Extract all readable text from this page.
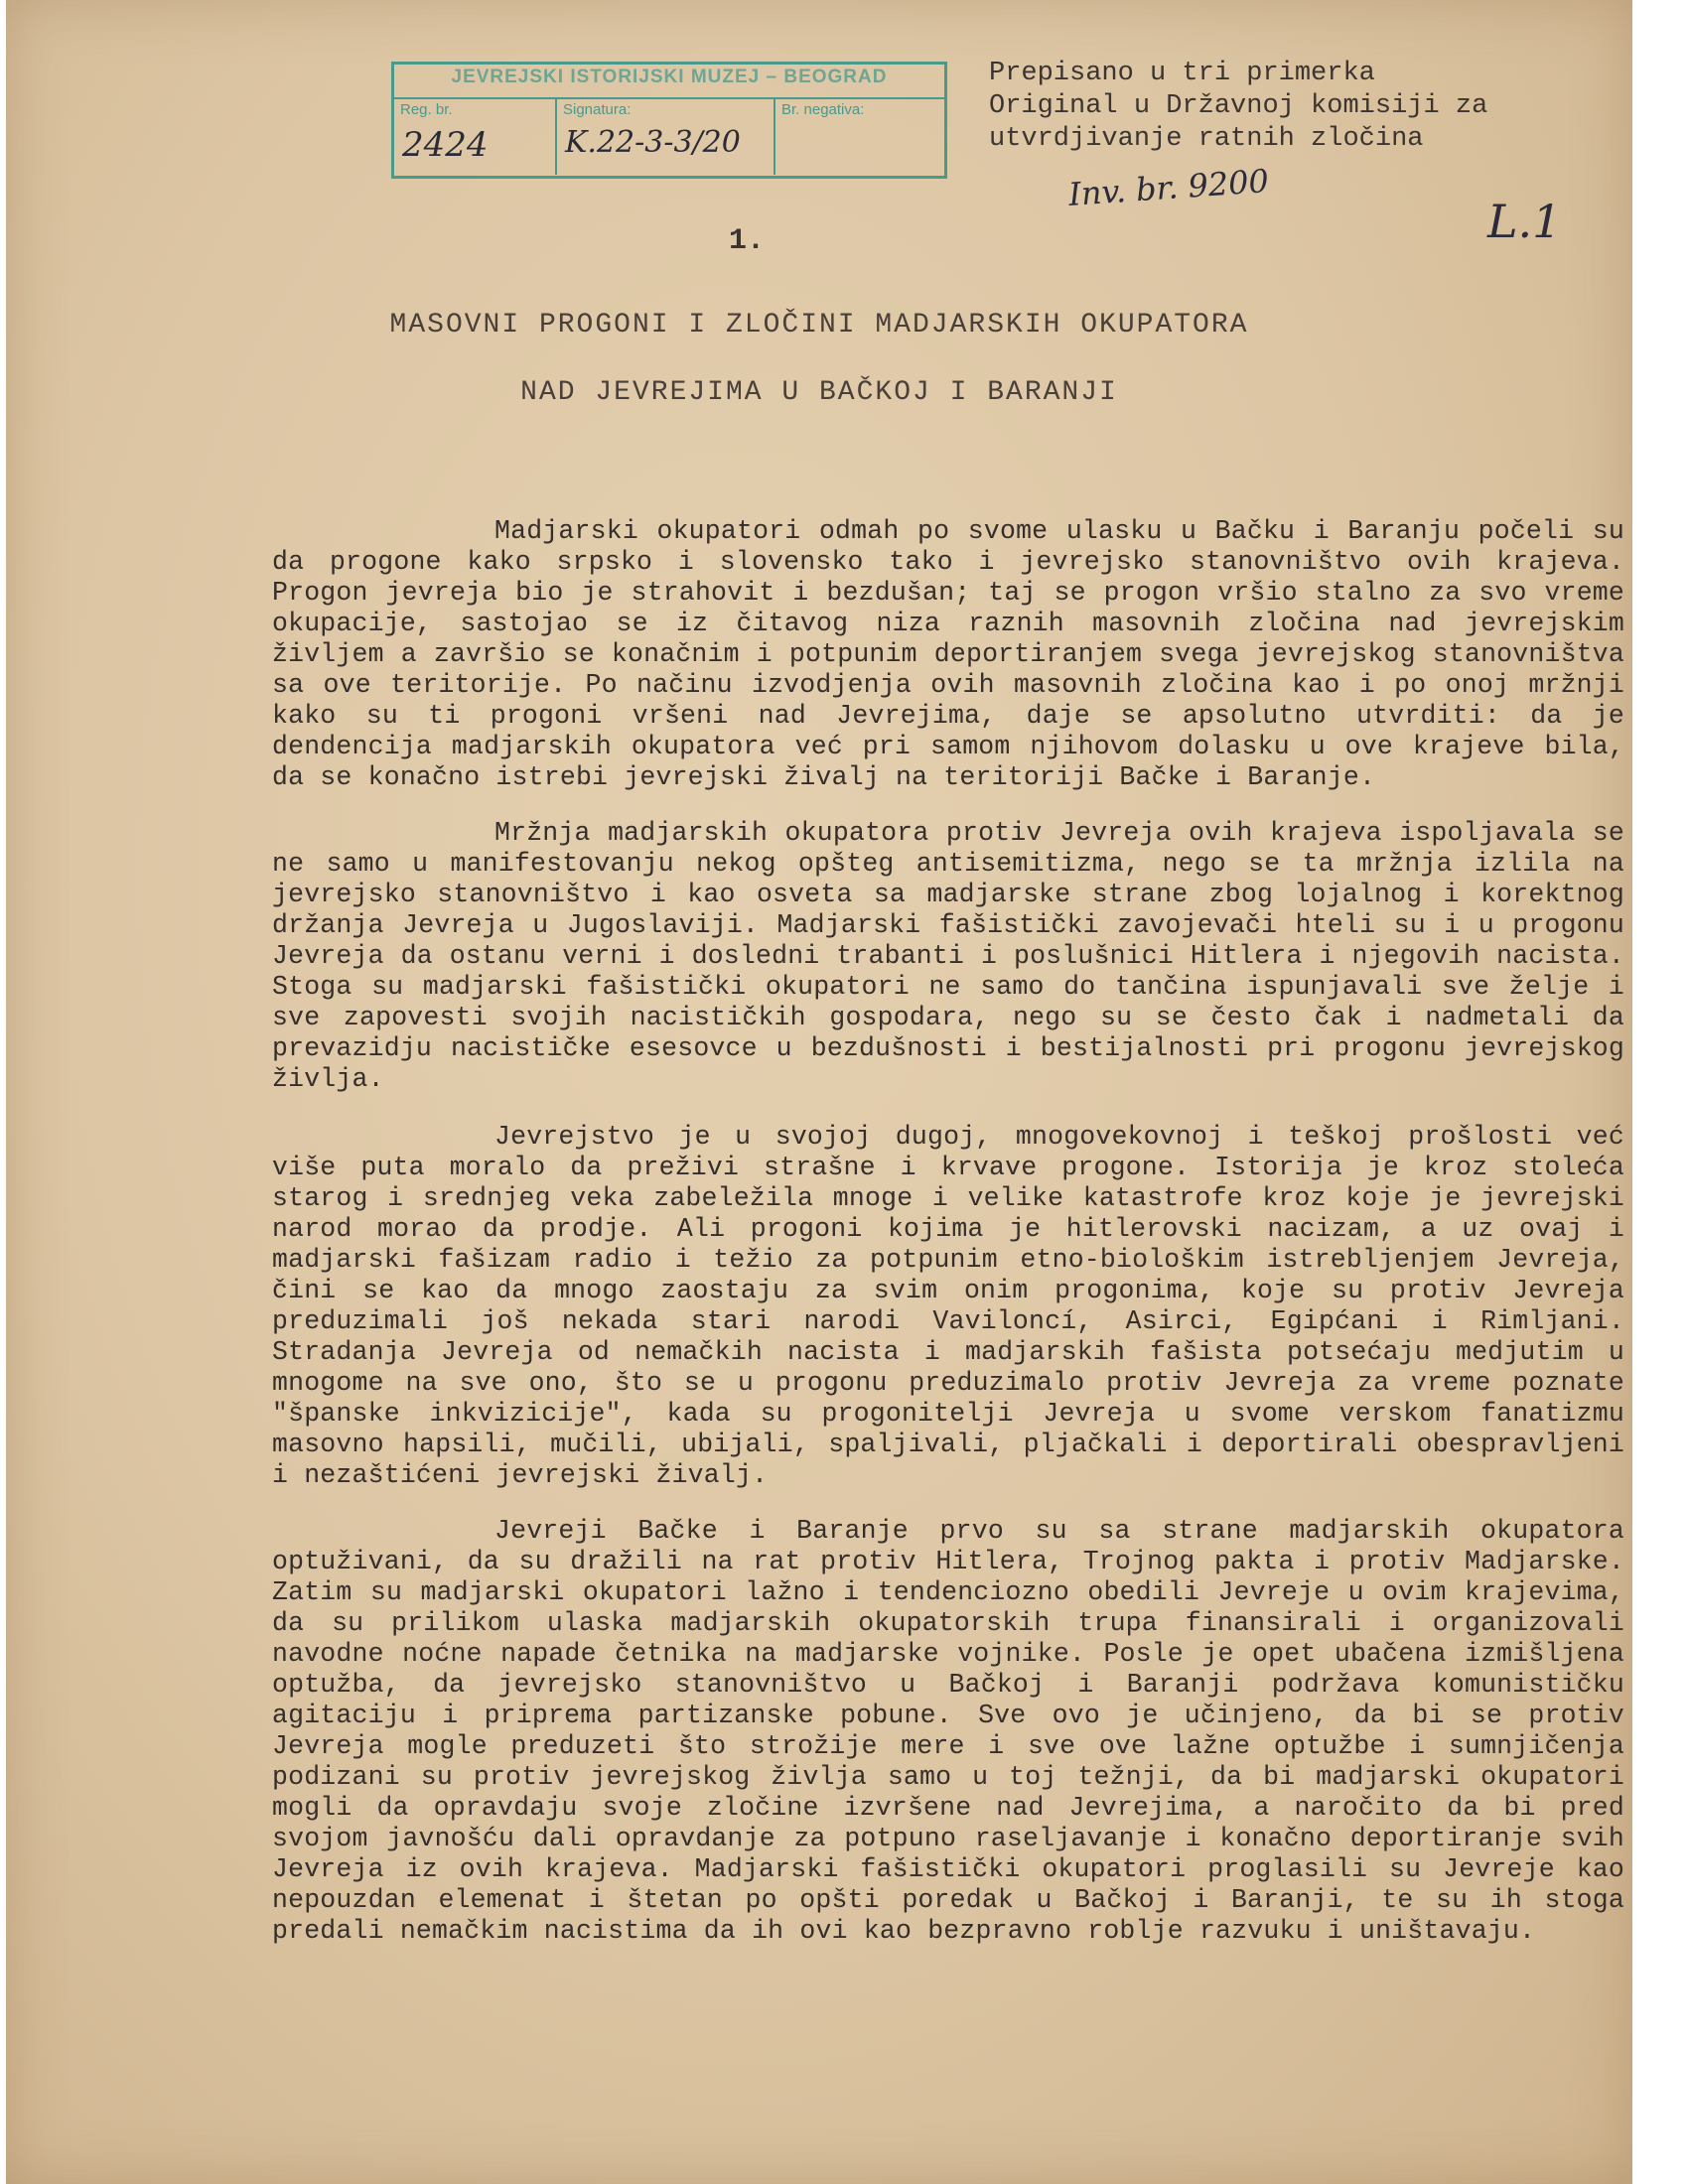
JEVREJSKI ISTORIJSKI MUZEJ – BEOGRAD
Reg. br.
2424
Signatura:
K.22-3-3/20
Br. negativa:
Prepisano u tri primerka
Original u Državnoj komisiji za
utvrdjivanje ratnih zločina
Inv. br. 9200
L.1
1.
MASOVNI PROGONI I ZLOČINI MADJARSKIH OKUPATORA
NAD JEVREJIMA U BAČKOJ I BARANJI

Madjarski okupatori odmah po svome ulasku u Bačku i Baranju počeli su da progone kako srpsko i slovensko tako i jevrejsko stanovništvo ovih krajeva. Progon jevreja bio je strahovit i bezdušan; taj se progon vršio stalno za svo vreme okupacije, sastojao se iz čitavog niza raznih masovnih zločina nad jevrejskim življem a završio se konačnim i potpunim deportiranjem svega jevrejskog stanovništva sa ove teritorije. Po načinu izvodjenja ovih masovnih zločina kao i po onoj mržnji kako su ti progoni vršeni nad Jevrejima, daje se apsolutno utvrditi: da je dendencija madjarskih okupatora već pri samom njihovom dolasku u ove krajeve bila, da se konačno istrebi jevrejski živalj na teritoriji Bačke i Baranje.

Mržnja madjarskih okupatora protiv Jevreja ovih krajeva ispoljavala se ne samo u manifestovanju nekog opšteg antisemitizma, nego se ta mržnja izlila na jevrejsko stanovništvo i kao osveta sa madjarske strane zbog lojalnog i korektnog držanja Jevreja u Jugoslaviji. Madjarski fašistički zavojevači hteli su i u progonu Jevreja da ostanu verni i dosledni trabanti i poslušnici Hitlera i njegovih nacista. Stoga su madjarski fašistički okupatori ne samo do tančina ispunjavali sve želje i sve zapovesti svojih nacističkih gospodara, nego su se često čak i nadmetali da prevazidju nacističke esesovce u bezdušnosti i bestijalnosti pri progonu jevrejskog življa.

Jevrejstvo je u svojoj dugoj, mnogovekovnoj i teškoj prošlosti već više puta moralo da preživi strašne i krvave progone. Istorija je kroz stoleća starog i srednjeg veka zabeležila mnoge i velike katastrofe kroz koje je jevrejski narod morao da prodje. Ali progoni kojima je hitlerovski nacizam, a uz ovaj i madjarski fašizam radio i težio za potpunim etno-biološkim istrebljenjem Jevreja, čini se kao da mnogo zaostaju za svim onim progonima, koje su protiv Jevreja preduzimali još nekada stari narodi Vaviloncí, Asirci, Egipćani i Rimljani. Stradanja Jevreja od nemačkih nacista i madjarskih fašista potsećaju medjutim u mnogome na sve ono, što se u progonu preduzimalo protiv Jevreja za vreme poznate "španske inkvizicije", kada su progonitelji Jevreja u svome verskom fanatizmu masovno hapsili, mučili, ubijali, spaljivali, pljačkali i deportirali obespravljeni i nezaštićeni jevrejski živalj.

Jevreji Bačke i Baranje prvo su sa strane madjarskih okupatora optuživani, da su dražili na rat protiv Hitlera, Trojnog pakta i protiv Madjarske. Zatim su madjarski okupatori lažno i tendenciozno obedili Jevreje u ovim krajevima, da su prilikom ulaska madjarskih okupatorskih trupa finansirali i organizovali navodne noćne napade četnika na madjarske vojnike. Posle je opet ubačena izmišljena optužba, da jevrejsko stanovništvo u Bačkoj i Baranji podržava komunističku agitaciju i priprema partizanske pobune. Sve ovo je učinjeno, da bi se protiv Jevreja mogle preduzeti što strožije mere i sve ove lažne optužbe i sumnjičenja podizani su protiv jevrejskog življa samo u toj težnji, da bi madjarski okupatori mogli da opravdaju svoje zločine izvršene nad Jevrejima, a naročito da bi pred svojom javnošću dali opravdanje za potpuno raseljavanje i konačno deportiranje svih Jevreja iz ovih krajeva. Madjarski fašistički okupatori proglasili su Jevreje kao nepouzdan elemenat i štetan po opšti poredak u Bačkoj i Baranji, te su ih stoga predali nemačkim nacistima da ih ovi kao bezpravno roblje razvuku i uništavaju.
